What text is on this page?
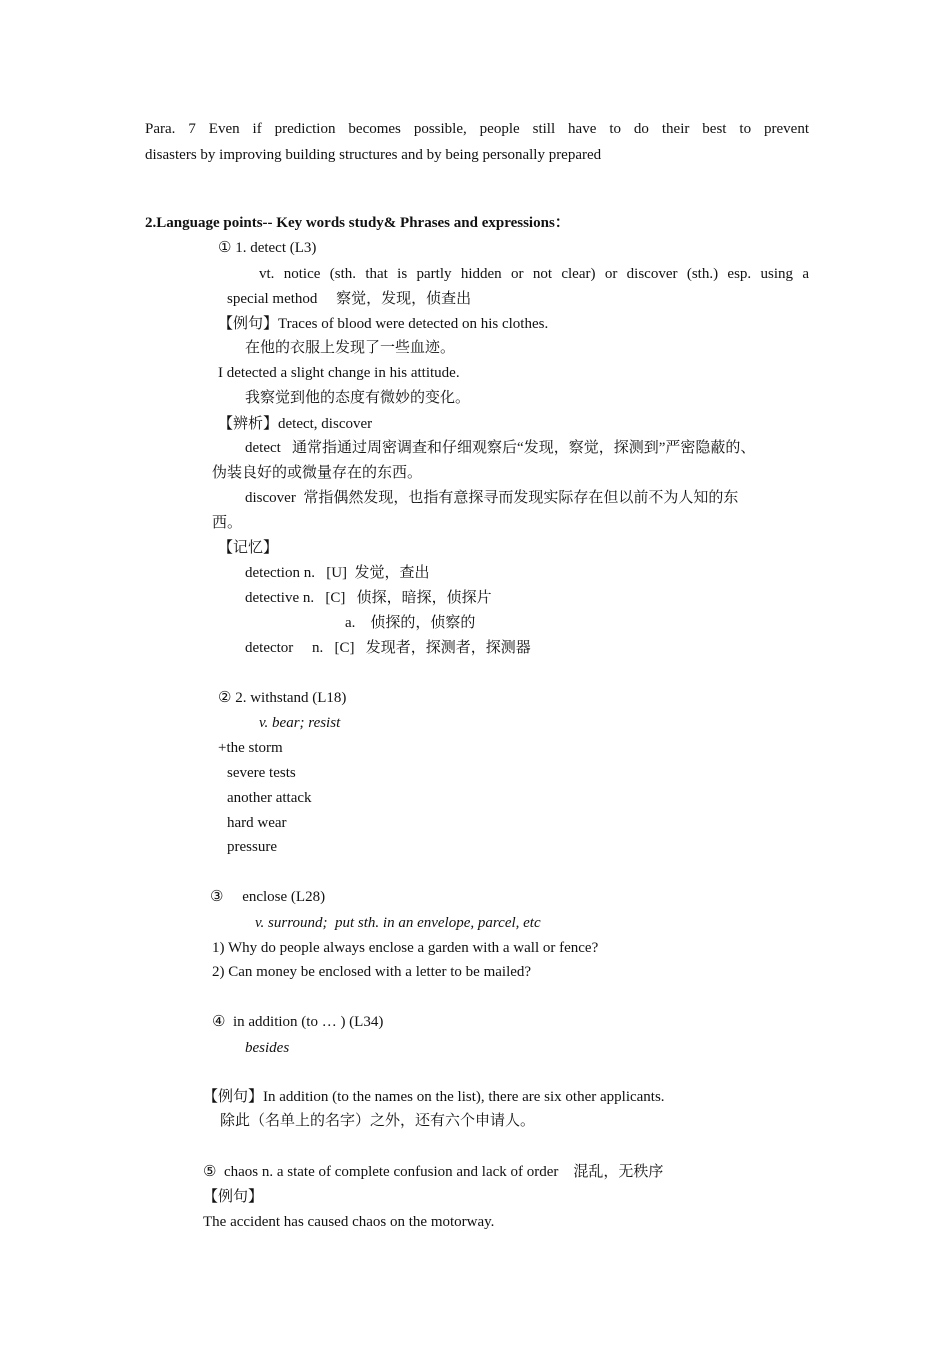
Para. 7 Even if prediction becomes possible, people still have to do their best to prevent
disasters by improving building structures and by being personally prepared
2.Language points-- Key words study& Phrases and expressions：
① 1. detect (L3)
vt. notice (sth. that is partly hidden or not clear) or discover (sth.) esp. using a
special method     察觉，发现，侦查出
【例句】Traces of blood were detected on his clothes.
在他的衣服上发现了一些血迹。
I detected a slight change in his attitude.
我察觉到他的态度有微妙的变化。
【辨析】detect, discover
detect   通常指通过周密调查和仔细观察后“发现，察觉，探测到”严密隐蔽的、
伪装良好的或微量存在的东西。
discover  常指偶然发现，也指有意探寻而发现实际存在但以前不为人知的东
西。
【记忆】
detection n.   [U]  发觉，查出
detective n.   [C]   侦探，暗探，侦探片
a.    侦探的，侦察的
detector     n.   [C]   发现者，探测者，探测器
② 2. withstand (L18)
v. bear; resist
+the storm
severe tests
another attack
hard wear
pressure
③     enclose (L28)
v. surround;  put sth. in an envelope, parcel, etc
1) Why do people always enclose a garden with a wall or fence?
2) Can money be enclosed with a letter to be mailed?
④  in addition (to … ) (L34)
besides
【例句】In addition (to the names on the list), there are six other applicants.
除此（名单上的名字）之外，还有六个申请人。
⑤  chaos n. a state of complete confusion and lack of order    混乱，无秩序
【例句】
The accident has caused chaos on the motorway.
